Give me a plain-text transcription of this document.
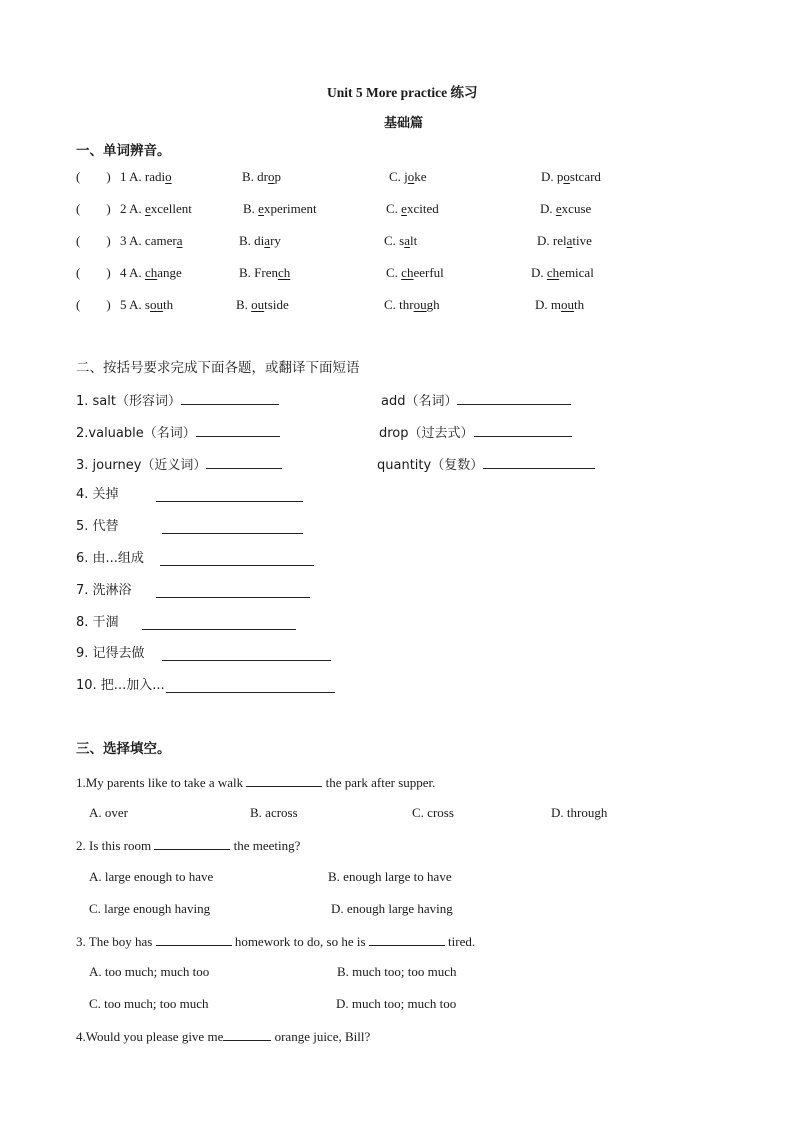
Unit 5 More practice 练习
基础篇
一、单词辨音。
(        ) 1 A. radio	B. drop	C. joke	D. postcard
(        ) 2 A. excellent	B. experiment	C. excited	D. excuse
(        ) 3 A. camera	B. diary	C. salt	D. relative
(        ) 4 A. change	B. French	C. cheerful	D. chemical
(        ) 5 A. south	B. outside	C. through	D. mouth
二、按括号要求完成下面各题，或翻译下面短语
1. salt（形容词）	add（名词）
2.valuable（名词）	drop（过去式）
3. journey（近义词）	quantity（复数）
4. 关掉
5. 代替
6. 由...组成
7. 洗淋浴
8. 干涸
9. 记得去做
10. 把...加入...
三、选择填空。
1.My parents like to take a walk	the park after supper.
A. over	B. across	C. cross	D. through
2. Is this room	the meeting?
A. large enough to have	B. enough large to have
C. large enough having	D. enough large having
3. The boy has	homework to do, so he is	tired.
A. too much; much too	B. much too; too much
C. too much; too much	D. much too; much too
4.Would you please give me	orange juice, Bill?
